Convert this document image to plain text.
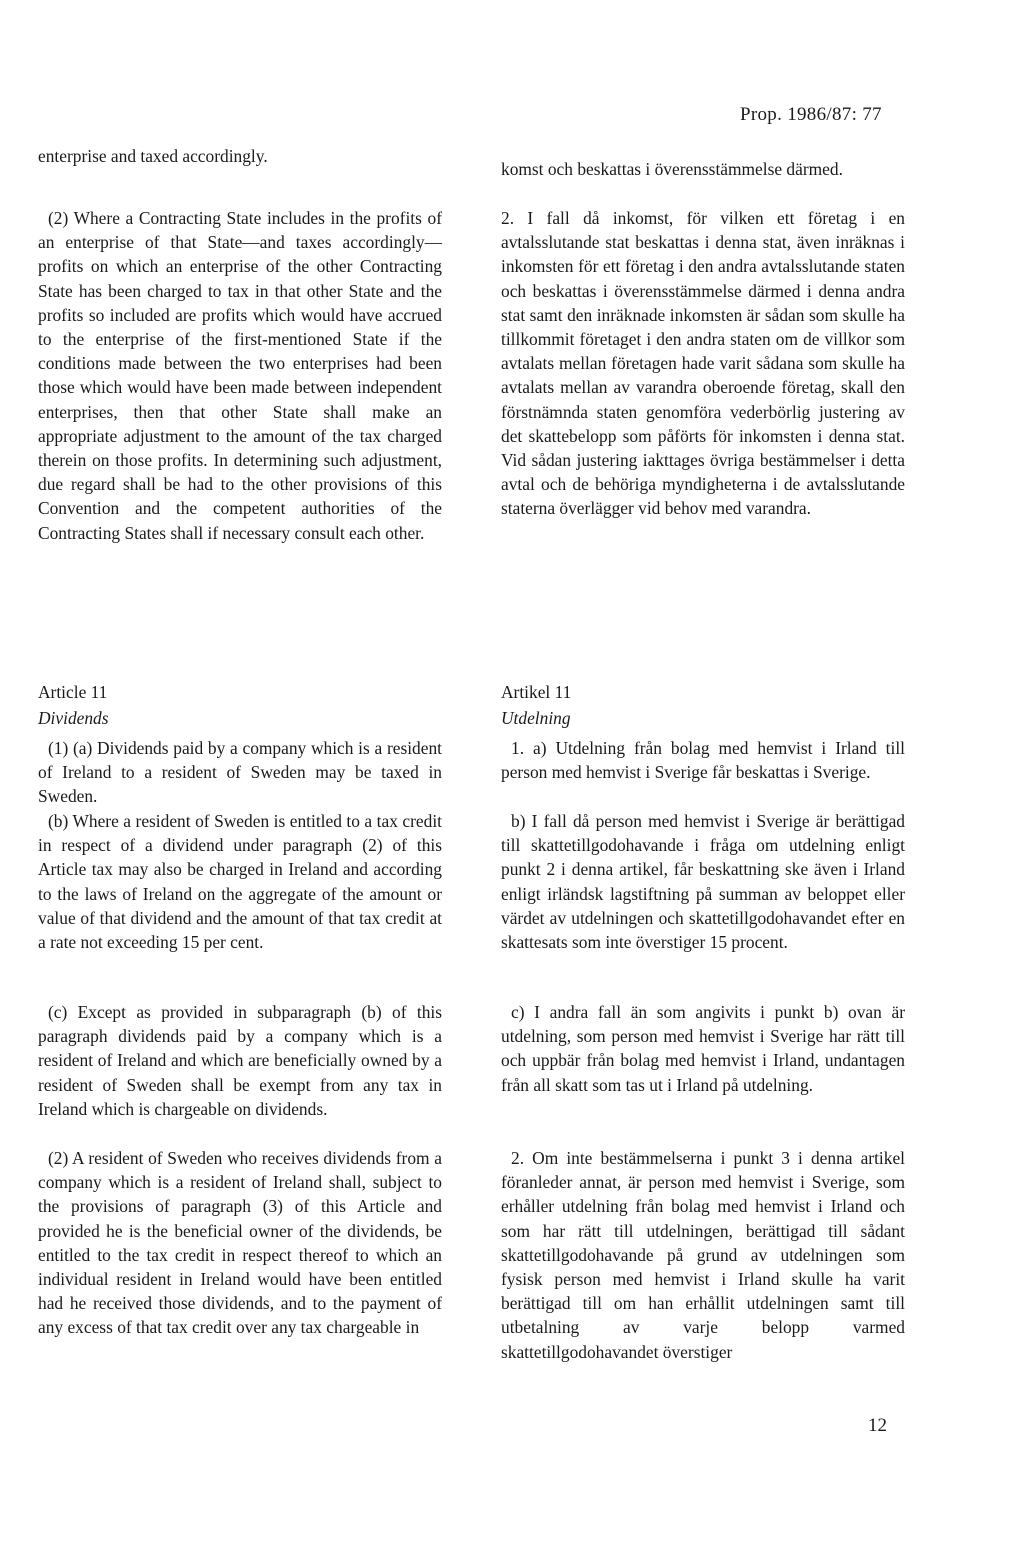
Prop. 1986/87: 77

enterprise and taxed accordingly.

(2) Where a Contracting State includes in the profits of an enterprise of that State—and taxes accordingly—profits on which an enterprise of the other Contracting State has been charged to tax in that other State and the profits so included are profits which would have accrued to the enterprise of the first-mentioned State if the conditions made between the two enterprises had been those which would have been made between independent enterprises, then that other State shall make an appropriate adjustment to the amount of the tax charged therein on those profits. In determining such adjustment, due regard shall be had to the other provisions of this Convention and the competent authorities of the Contracting States shall if necessary consult each other.

Article 11
Dividends

(1) (a) Dividends paid by a company which is a resident of Ireland to a resident of Sweden may be taxed in Sweden.

(b) Where a resident of Sweden is entitled to a tax credit in respect of a dividend under paragraph (2) of this Article tax may also be charged in Ireland and according to the laws of Ireland on the aggregate of the amount or value of that dividend and the amount of that tax credit at a rate not exceeding 15 per cent.

(c) Except as provided in subparagraph (b) of this paragraph dividends paid by a company which is a resident of Ireland and which are beneficially owned by a resident of Sweden shall be exempt from any tax in Ireland which is chargeable on dividends.

(2) A resident of Sweden who receives dividends from a company which is a resident of Ireland shall, subject to the provisions of paragraph (3) of this Article and provided he is the beneficial owner of the dividends, be entitled to the tax credit in respect thereof to which an individual resident in Ireland would have been entitled had he received those dividends, and to the payment of any excess of that tax credit over any tax chargeable in

komst och beskattas i överensstämmelse därmed.

2. I fall då inkomst, för vilken ett företag i en avtalsslutande stat beskattas i denna stat, även inräknas i inkomsten för ett företag i den andra avtalsslutande staten och beskattas i överensstämmelse därmed i denna andra stat samt den inräknade inkomsten är sådan som skulle ha tillkommit företaget i den andra staten om de villkor som avtalats mellan företagen hade varit sådana som skulle ha avtalats mellan av varandra oberoende företag, skall den förstnämnda staten genomföra vederbörlig justering av det skattebelopp som påförts för inkomsten i denna stat. Vid sådan justering iakttages övriga bestämmelser i detta avtal och de behöriga myndigheterna i de avtalsslutande staterna överlägger vid behov med varandra.

Artikel 11
Utdelning

1. a) Utdelning från bolag med hemvist i Irland till person med hemvist i Sverige får beskattas i Sverige.

b) I fall då person med hemvist i Sverige är berättigad till skattetillgodohavande i fråga om utdelning enligt punkt 2 i denna artikel, får beskattning ske även i Irland enligt irländsk lagstiftning på summan av beloppet eller värdet av utdelningen och skattetillgodohavandet efter en skattesats som inte överstiger 15 procent.

c) I andra fall än som angivits i punkt b) ovan är utdelning, som person med hemvist i Sverige har rätt till och uppbär från bolag med hemvist i Irland, undantagen från all skatt som tas ut i Irland på utdelning.

2. Om inte bestämmelserna i punkt 3 i denna artikel föranleder annat, är person med hemvist i Sverige, som erhåller utdelning från bolag med hemvist i Irland och som har rätt till utdelningen, berättigad till sådant skattetillgodohavande på grund av utdelningen som fysisk person med hemvist i Irland skulle ha varit berättigad till om han erhållit utdelningen samt till utbetalning av varje belopp varmed skattetillgodohavandet överstiger

12
